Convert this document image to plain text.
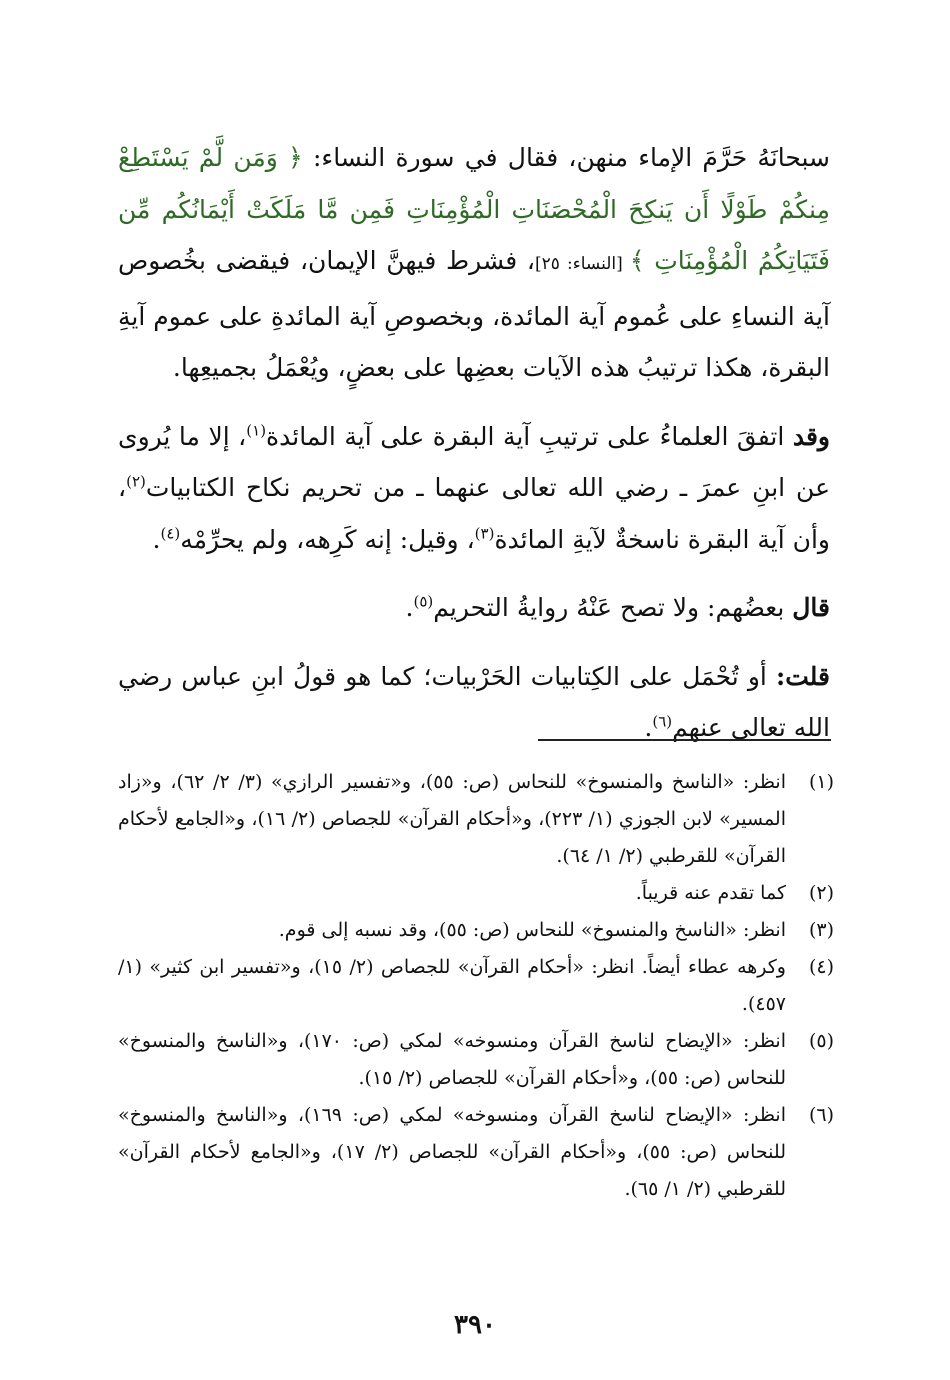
سبحانَهُ حَرَّمَ الإماء منهن، فقال في سورة النساء: ﴿ وَمَن لَّمْ يَسْتَطِعْ مِنكُمْ طَوْلًا أَن يَنكِحَ الْمُحْصَنَاتِ الْمُؤْمِنَاتِ فَمِن مَّا مَلَكَتْ أَيْمَانُكُم مِّن فَتَيَاتِكُمُ الْمُؤْمِنَاتِ ﴾ [النساء: ٢٥]، فشرط فيهنَّ الإيمان، فيقضى بخُصوص آية النساءِ على عُموم آية المائدة، وبخصوصِ آية المائدةِ على عموم آيةِ البقرة، هكذا ترتيبُ هذه الآيات بعضِها على بعضٍ، ويُعْمَلُ بجميعِها.

وقد اتفقَ العلماءُ على ترتيبِ آية البقرة على آية المائدة$^{(١)}$، إلا ما يُروى عن ابنِ عمرَ ـ رضي الله تعالى عنهما ـ من تحريم نكاح الكتابيات$^{(٢)}$، وأن آية البقرة ناسخةٌ لآيةِ المائدة$^{(٣)}$، وقيل: إنه كَرِهه، ولم يحرِّمْه$^{(٤)}$.

قال بعضُهم: ولا تصح عَنْهُ روايةُ التحريم$^{(٥)}$.

قلت: أو تُحْمَل على الكِتابيات الحَرْبيات؛ كما هو قولُ ابنِ عباس رضي الله تعالى عنهم$^{(٦)}$.

(١)
انظر: «الناسخ والمنسوخ» للنحاس (ص: ٥٥)، و«تفسير الرازي» (٣/ ٢/ ٦٢)، و«زاد المسير» لابن الجوزي (١/ ٢٢٣)، و«أحكام القرآن» للجصاص (٢/ ١٦)، و«الجامع لأحكام القرآن» للقرطبي (٢/ ١/ ٦٤).
(٢)
كما تقدم عنه قريباً.
(٣)
انظر: «الناسخ والمنسوخ» للنحاس (ص: ٥٥)، وقد نسبه إلى قوم.
(٤)
وكرهه عطاء أيضاً. انظر: «أحكام القرآن» للجصاص (٢/ ١٥)، و«تفسير ابن كثير» (١/ ٤٥٧).
(٥)
انظر: «الإيضاح لناسخ القرآن ومنسوخه» لمكي (ص: ١٧٠)، و«الناسخ والمنسوخ» للنحاس (ص: ٥٥)، و«أحكام القرآن» للجصاص (٢/ ١٥).
(٦)
انظر: «الإيضاح لناسخ القرآن ومنسوخه» لمكي (ص: ١٦٩)، و«الناسخ والمنسوخ» للنحاس (ص: ٥٥)، و«أحكام القرآن» للجصاص (٢/ ١٧)، و«الجامع لأحكام القرآن» للقرطبي (٢/ ١/ ٦٥).
٣٩٠
